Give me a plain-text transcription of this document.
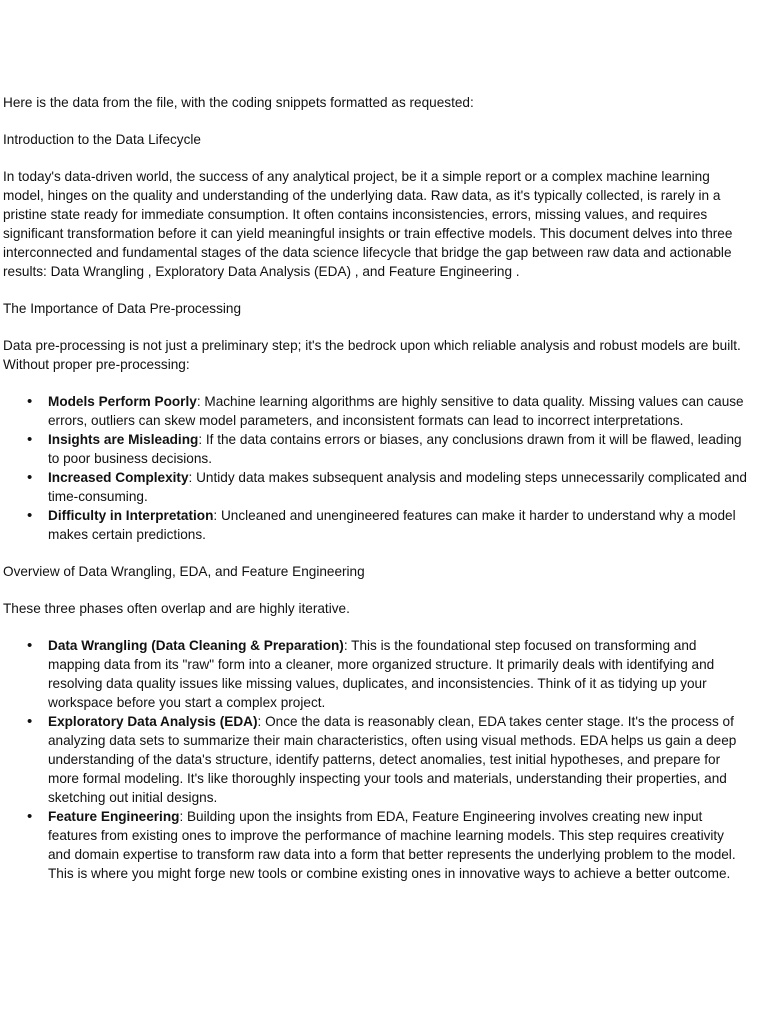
Here is the data from the file, with the coding snippets formatted as requested:

Introduction to the Data Lifecycle

In today's data-driven world, the success of any analytical project, be it a simple report or a complex machine learning model, hinges on the quality and understanding of the underlying data. Raw data, as it's typically collected, is rarely in a pristine state ready for immediate consumption. It often contains inconsistencies, errors, missing values, and requires significant transformation before it can yield meaningful insights or train effective models. This document delves into three interconnected and fundamental stages of the data science lifecycle that bridge the gap between raw data and actionable results: Data Wrangling , Exploratory Data Analysis (EDA) , and Feature Engineering .

The Importance of Data Pre-processing

Data pre-processing is not just a preliminary step; it's the bedrock upon which reliable analysis and robust models are built. Without proper pre-processing:

• Models Perform Poorly: Machine learning algorithms are highly sensitive to data quality. Missing values can cause errors, outliers can skew model parameters, and inconsistent formats can lead to incorrect interpretations.
• Insights are Misleading: If the data contains errors or biases, any conclusions drawn from it will be flawed, leading to poor business decisions.
• Increased Complexity: Untidy data makes subsequent analysis and modeling steps unnecessarily complicated and time-consuming.
• Difficulty in Interpretation: Uncleaned and unengineered features can make it harder to understand why a model makes certain predictions.

Overview of Data Wrangling, EDA, and Feature Engineering

These three phases often overlap and are highly iterative.

• Data Wrangling (Data Cleaning & Preparation): This is the foundational step focused on transforming and mapping data from its "raw" form into a cleaner, more organized structure. It primarily deals with identifying and resolving data quality issues like missing values, duplicates, and inconsistencies. Think of it as tidying up your workspace before you start a complex project.
• Exploratory Data Analysis (EDA): Once the data is reasonably clean, EDA takes center stage. It's the process of analyzing data sets to summarize their main characteristics, often using visual methods. EDA helps us gain a deep understanding of the data's structure, identify patterns, detect anomalies, test initial hypotheses, and prepare for more formal modeling. It's like thoroughly inspecting your tools and materials, understanding their properties, and sketching out initial designs.
• Feature Engineering: Building upon the insights from EDA, Feature Engineering involves creating new input features from existing ones to improve the performance of machine learning models. This step requires creativity and domain expertise to transform raw data into a form that better represents the underlying problem to the model. This is where you might forge new tools or combine existing ones in innovative ways to achieve a better outcome.
